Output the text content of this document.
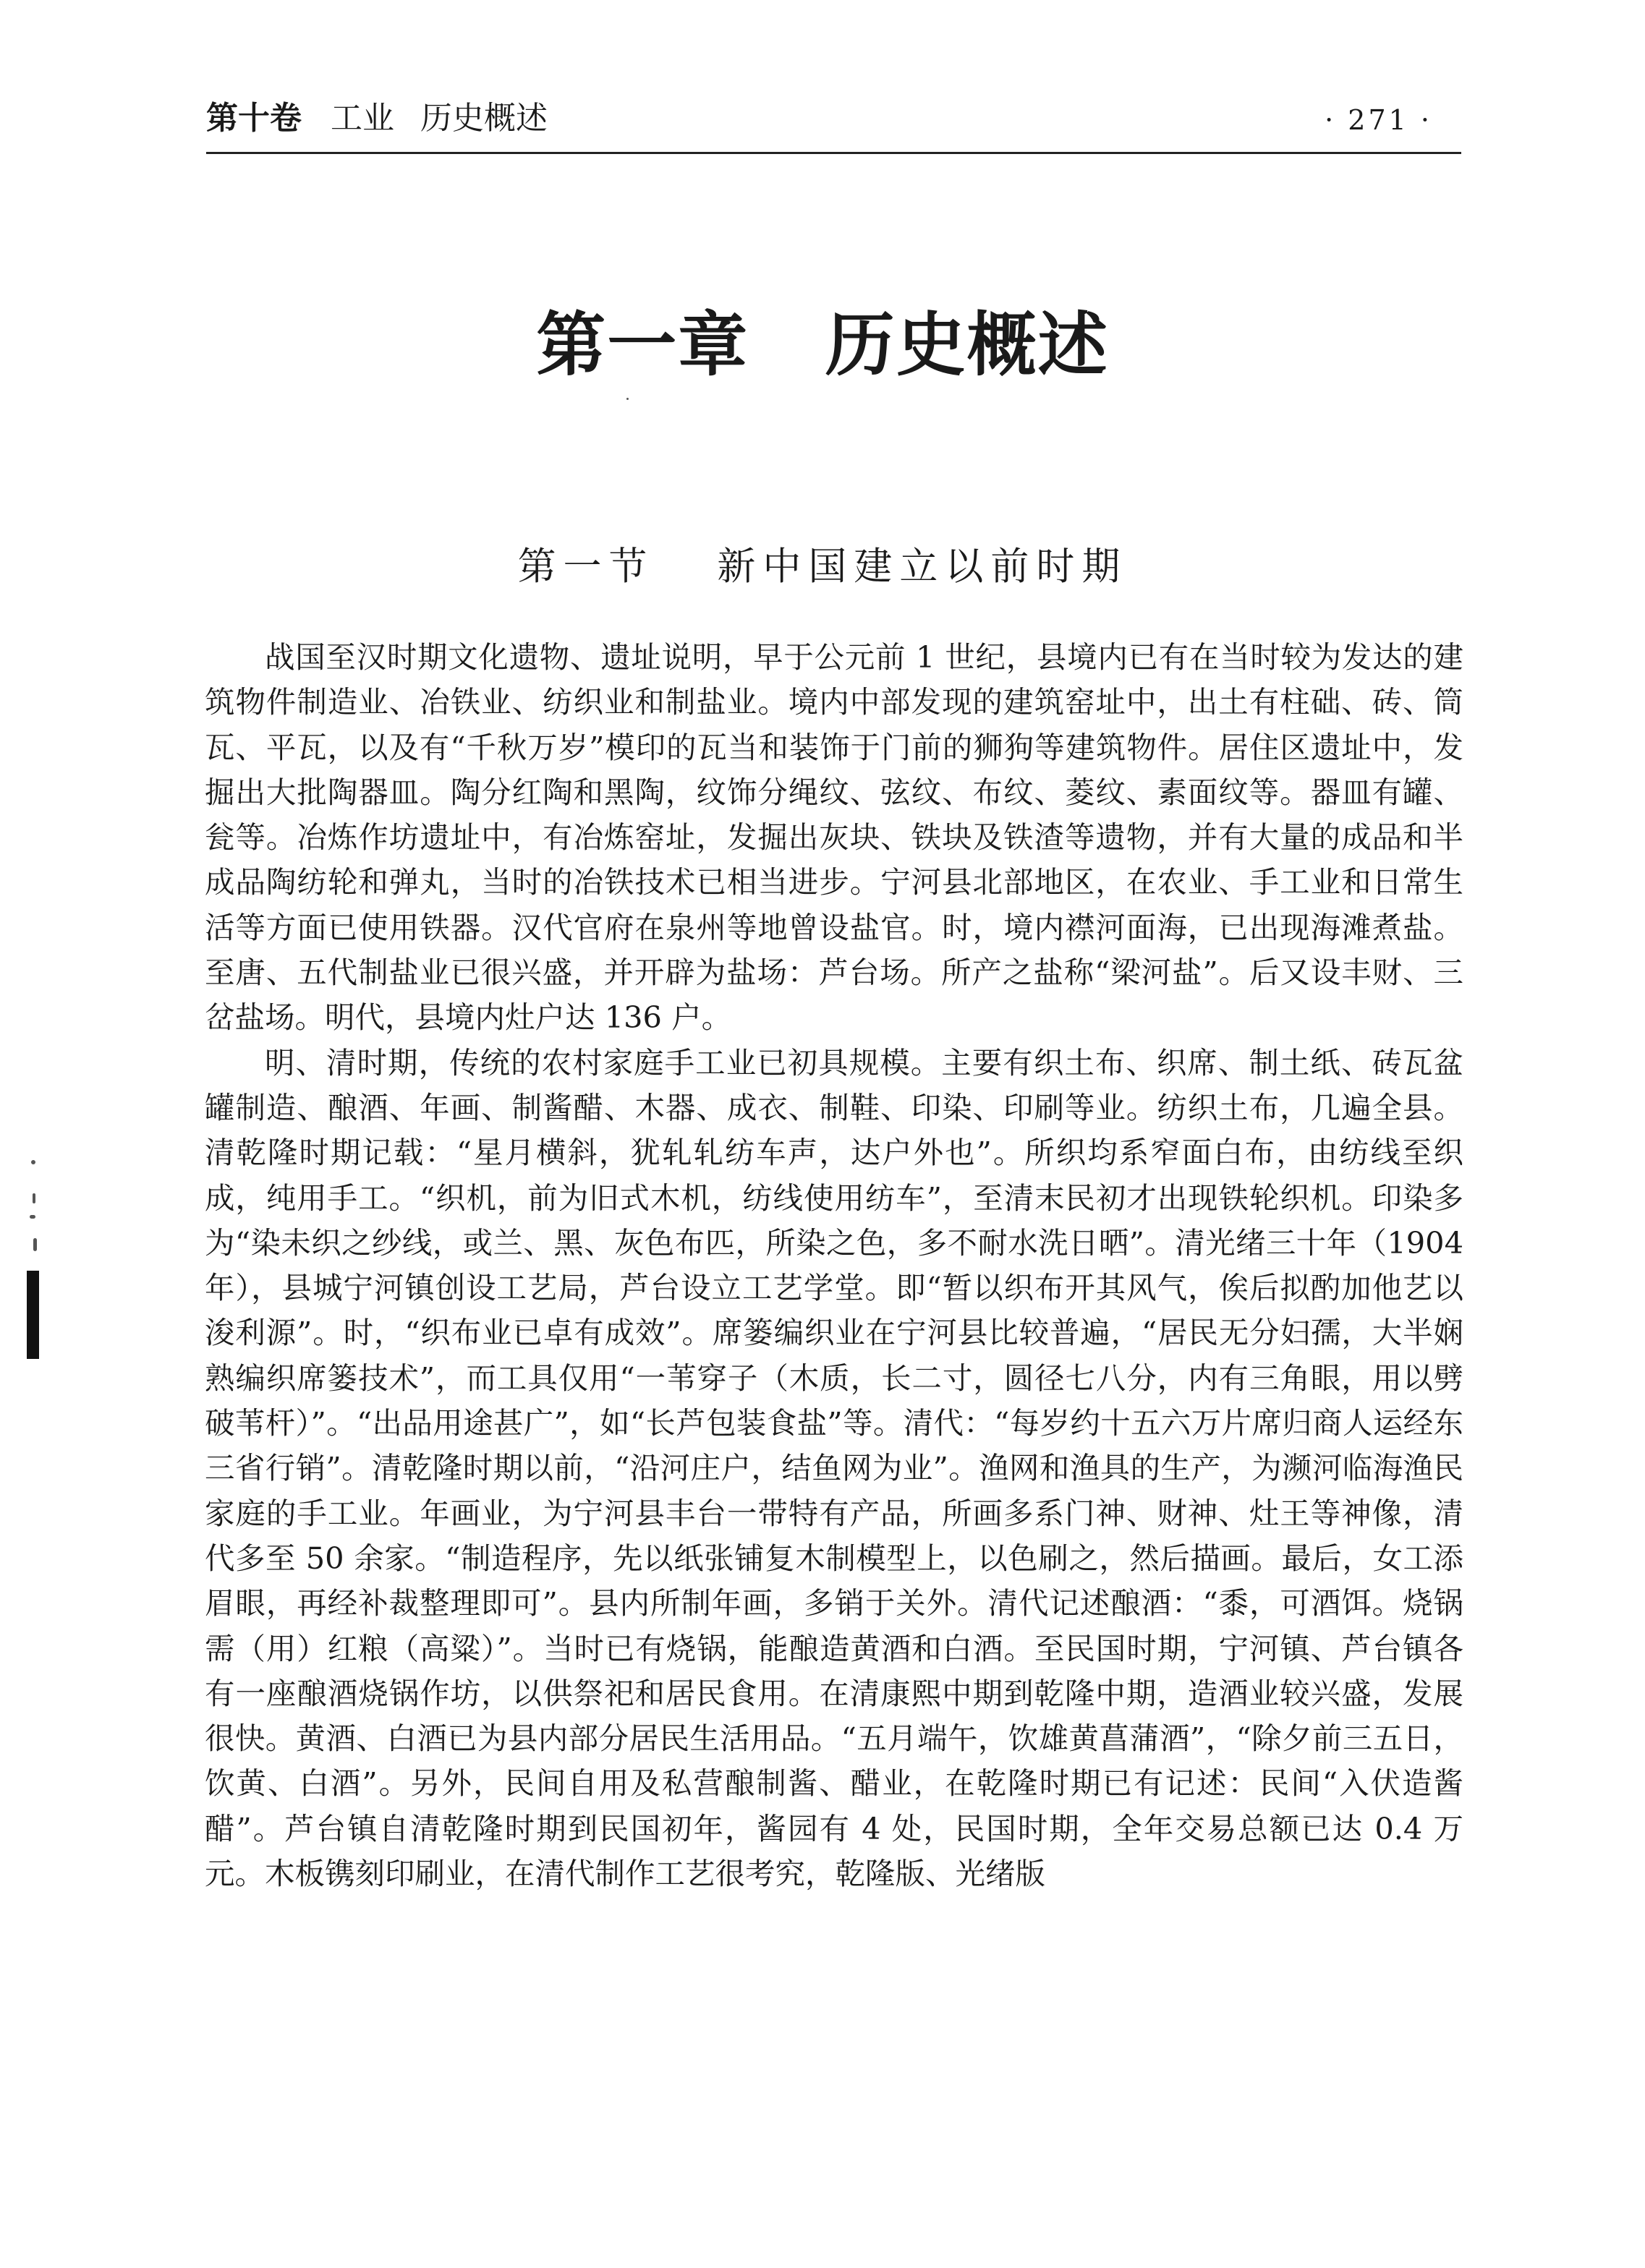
第十卷 工业 历史概述	· 271 ·
第一章 历史概述
第一节 新中国建立以前时期

战国至汉时期文化遗物、遗址说明，早于公元前 1 世纪，县境内已有在当时较为发达的建筑物件制造业、冶铁业、纺织业和制盐业。境内中部发现的建筑窑址中，出土有柱础、砖、筒瓦、平瓦，以及有“千秋万岁”模印的瓦当和装饰于门前的狮狗等建筑物件。居住区遗址中，发掘出大批陶器皿。陶分红陶和黑陶，纹饰分绳纹、弦纹、布纹、菱纹、素面纹等。器皿有罐、瓮等。冶炼作坊遗址中，有冶炼窑址，发掘出灰块、铁块及铁渣等遗物，并有大量的成品和半成品陶纺轮和弹丸，当时的冶铁技术已相当进步。宁河县北部地区，在农业、手工业和日常生活等方面已使用铁器。汉代官府在泉州等地曾设盐官。时，境内襟河面海，已出现海滩煮盐。至唐、五代制盐业已很兴盛，并开辟为盐场：芦台场。所产之盐称“梁河盐”。后又设丰财、三岔盐场。明代，县境内灶户达 136 户。

明、清时期，传统的农村家庭手工业已初具规模。主要有织土布、织席、制土纸、砖瓦盆罐制造、酿酒、年画、制酱醋、木器、成衣、制鞋、印染、印刷等业。纺织土布，几遍全县。清乾隆时期记载：“星月横斜，犹轧轧纺车声，达户外也”。所织均系窄面白布，由纺线至织成，纯用手工。“织机，前为旧式木机，纺线使用纺车”，至清末民初才出现铁轮织机。印染多为“染未织之纱线，或兰、黑、灰色布匹，所染之色，多不耐水洗日晒”。清光绪三十年（1904 年），县城宁河镇创设工艺局，芦台设立工艺学堂。即“暂以织布开其风气，俟后拟酌加他艺以浚利源”。时，“织布业已卓有成效”。席篓编织业在宁河县比较普遍，“居民无分妇孺，大半娴熟编织席篓技术”，而工具仅用“一苇穿子（木质，长二寸，圆径七八分，内有三角眼，用以劈破苇杆）”。“出品用途甚广”，如“长芦包装食盐”等。清代：“每岁约十五六万片席归商人运经东三省行销”。清乾隆时期以前，“沿河庄户，结鱼网为业”。渔网和渔具的生产，为濒河临海渔民家庭的手工业。年画业，为宁河县丰台一带特有产品，所画多系门神、财神、灶王等神像，清代多至 50 余家。“制造程序，先以纸张铺复木制模型上，以色刷之，然后描画。最后，女工添眉眼，再经补裁整理即可”。县内所制年画，多销于关外。清代记述酿酒：“黍，可酒饵。烧锅需（用）红粮（高粱）”。当时已有烧锅，能酿造黄酒和白酒。至民国时期，宁河镇、芦台镇各有一座酿酒烧锅作坊，以供祭祀和居民食用。在清康熙中期到乾隆中期，造酒业较兴盛，发展很快。黄酒、白酒已为县内部分居民生活用品。“五月端午，饮雄黄菖蒲酒”，“除夕前三五日，饮黄、白酒”。另外，民间自用及私营酿制酱、醋业，在乾隆时期已有记述：民间“入伏造酱醋”。芦台镇自清乾隆时期到民国初年，酱园有 4 处，民国时期，全年交易总额已达 0.4 万元。木板镌刻印刷业，在清代制作工艺很考究，乾隆版、光绪版
